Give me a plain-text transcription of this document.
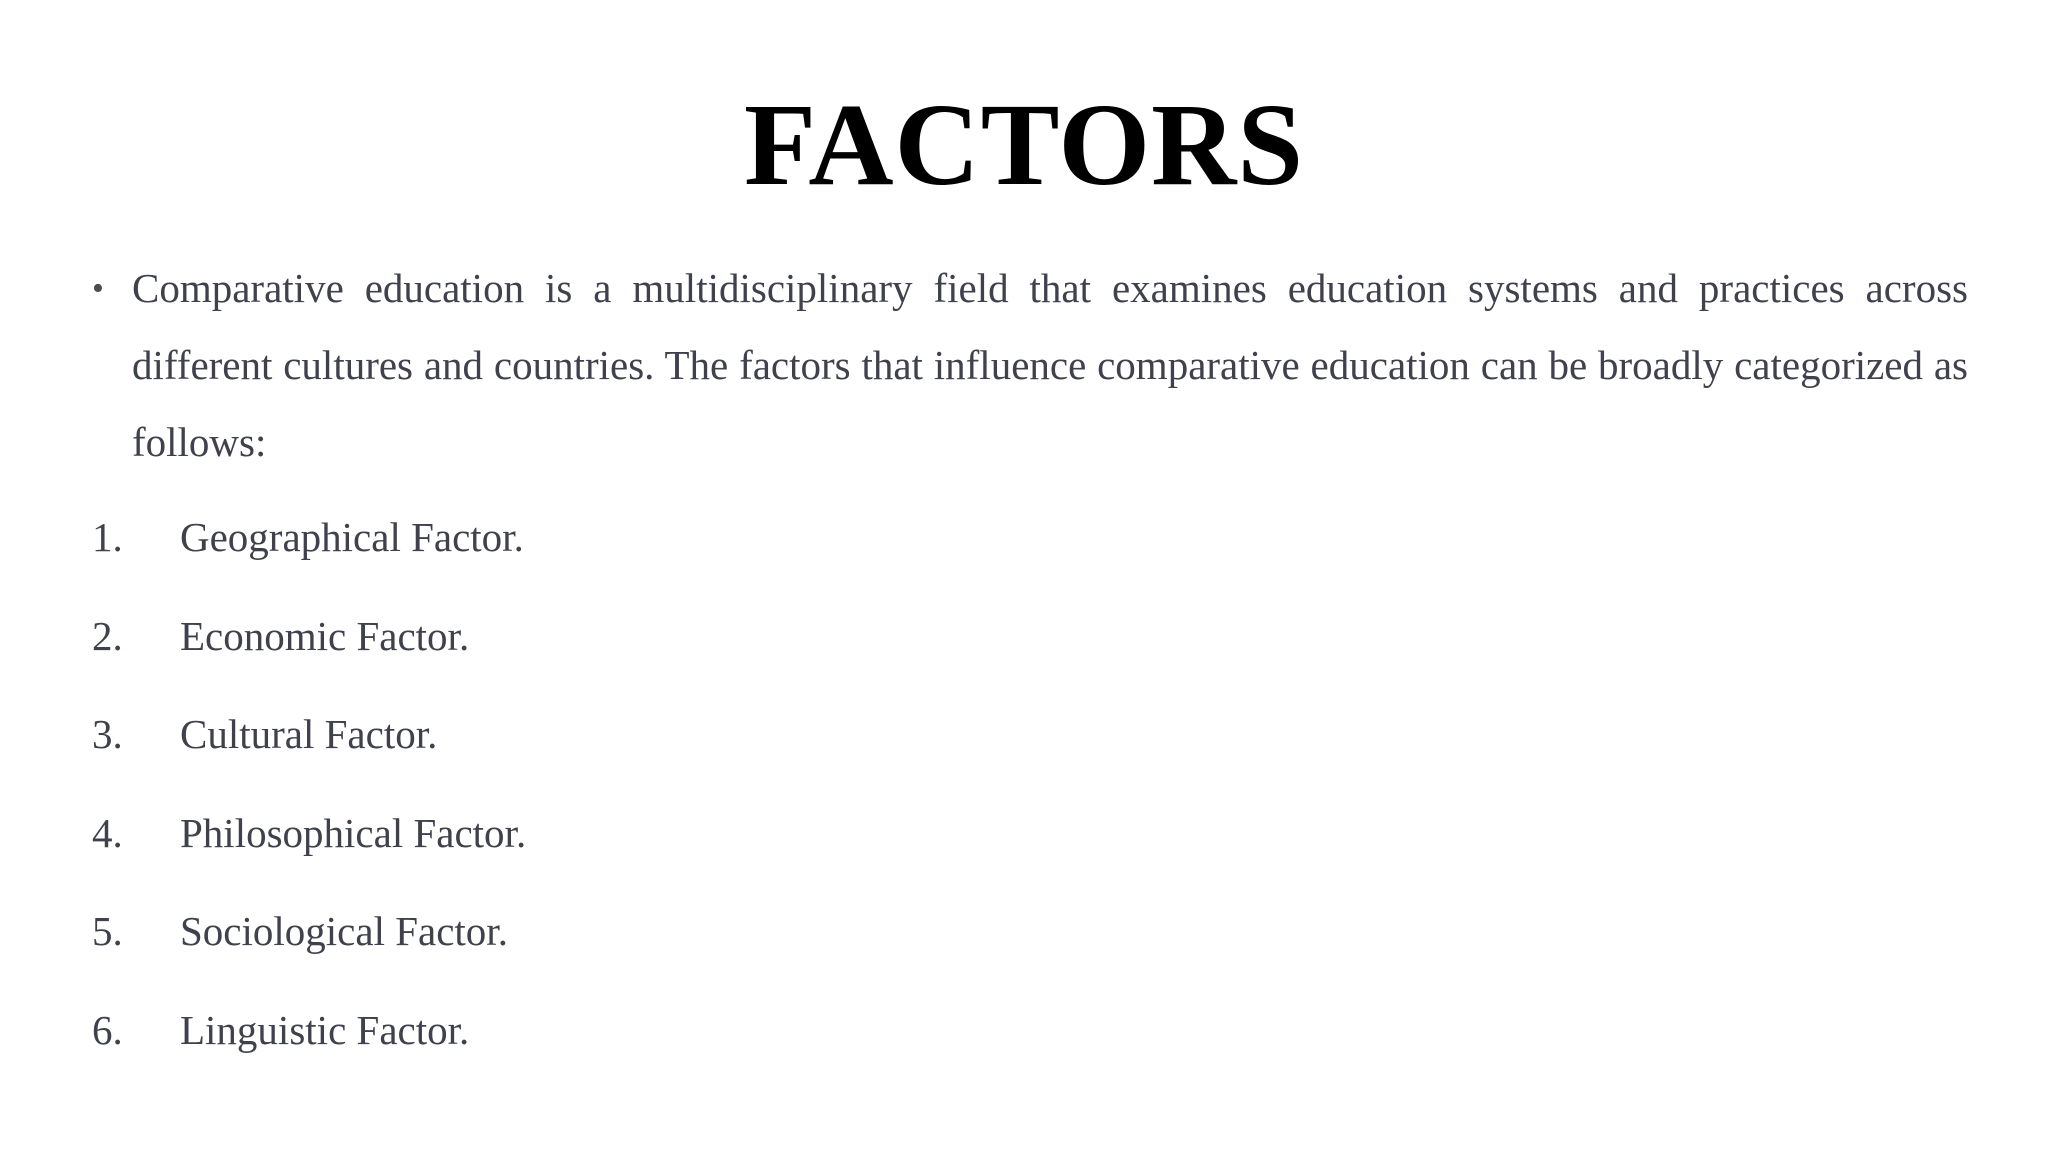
FACTORS
• Comparative education is a multidisciplinary field that examines education systems and practices across different cultures and countries. The factors that influence comparative education can be broadly categorized as follows:
1. Geographical Factor.
2. Economic Factor.
3. Cultural Factor.
4. Philosophical Factor.
5. Sociological Factor.
6. Linguistic Factor.
